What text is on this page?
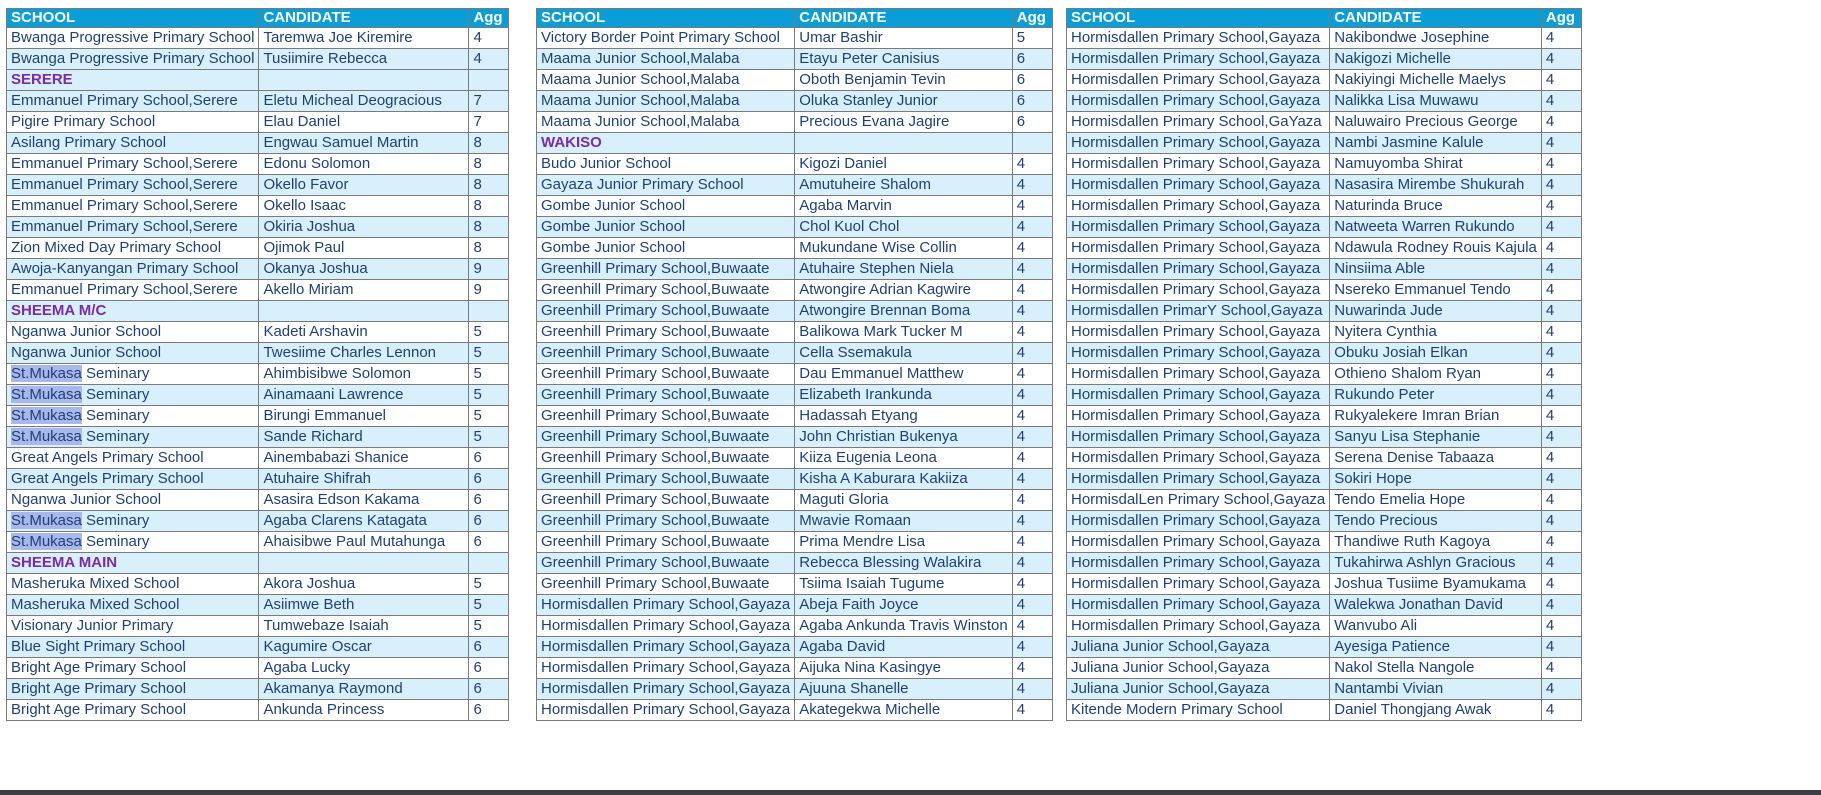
SCHOOL	CANDIDATE	Agg
Bwanga Progressive Primary School	Taremwa Joe Kiremire	4
Bwanga Progressive Primary School	Tusiimire Rebecca	4
SERERE		
Emmanuel Primary School,Serere	Eletu Micheal Deogracious	7
Pigire Primary School	Elau Daniel	7
Asilang Primary School	Engwau Samuel Martin	8
Emmanuel Primary School,Serere	Edonu Solomon	8
Emmanuel Primary School,Serere	Okello Favor	8
Emmanuel Primary School,Serere	Okello Isaac	8
Emmanuel Primary School,Serere	Okiria Joshua	8
Zion Mixed Day Primary School	Ojimok Paul	8
Awoja-Kanyangan Primary School	Okanya Joshua	9
Emmanuel Primary School,Serere	Akello Miriam	9
SHEEMA M/C		
Nganwa Junior School	Kadeti Arshavin	5
Nganwa Junior School	Twesiime Charles Lennon	5
St.Mukasa Seminary	Ahimbisibwe Solomon	5
St.Mukasa Seminary	Ainamaani Lawrence	5
St.Mukasa Seminary	Birungi Emmanuel	5
St.Mukasa Seminary	Sande Richard	5
Great Angels Primary School	Ainembabazi Shanice	6
Great Angels Primary School	Atuhaire Shifrah	6
Nganwa Junior School	Asasira Edson Kakama	6
St.Mukasa Seminary	Agaba Clarens Katagata	6
St.Mukasa Seminary	Ahaisibwe Paul Mutahunga	6
SHEEMA MAIN		
Masheruka Mixed School	Akora Joshua	5
Masheruka Mixed School	Asiimwe Beth	5
Visionary Junior Primary	Tumwebaze Isaiah	5
Blue Sight Primary School	Kagumire Oscar	6
Bright Age Primary School	Agaba Lucky	6
Bright Age Primary School	Akamanya Raymond	6
Bright Age Primary School	Ankunda Princess	6
SCHOOL	CANDIDATE	Agg
Victory Border Point Primary School	Umar Bashir	5
Maama Junior School,Malaba	Etayu Peter Canisius	6
Maama Junior School,Malaba	Oboth Benjamin Tevin	6
Maama Junior School,Malaba	Oluka Stanley Junior	6
Maama Junior School,Malaba	Precious Evana Jagire	6
WAKISO		
Budo Junior School	Kigozi Daniel	4
Gayaza Junior Primary School	Amutuheire Shalom	4
Gombe Junior School	Agaba Marvin	4
Gombe Junior School	Chol Kuol Chol	4
Gombe Junior School	Mukundane Wise Collin	4
Greenhill Primary School,Buwaate	Atuhaire Stephen Niela	4
Greenhill Primary School,Buwaate	Atwongire Adrian Kagwire	4
Greenhill Primary School,Buwaate	Atwongire Brennan Boma	4
Greenhill Primary School,Buwaate	Balikowa Mark Tucker M	4
Greenhill Primary School,Buwaate	Cella Ssemakula	4
Greenhill Primary School,Buwaate	Dau Emmanuel Matthew	4
Greenhill Primary School,Buwaate	Elizabeth Irankunda	4
Greenhill Primary School,Buwaate	Hadassah Etyang	4
Greenhill Primary School,Buwaate	John Christian Bukenya	4
Greenhill Primary School,Buwaate	Kiiza Eugenia Leona	4
Greenhill Primary School,Buwaate	Kisha A Kaburara Kakiiza	4
Greenhill Primary School,Buwaate	Maguti Gloria	4
Greenhill Primary School,Buwaate	Mwavie Romaan	4
Greenhill Primary School,Buwaate	Prima Mendre Lisa	4
Greenhill Primary School,Buwaate	Rebecca Blessing Walakira	4
Greenhill Primary School,Buwaate	Tsiima Isaiah Tugume	4
Hormisdallen Primary School,Gayaza	Abeja Faith Joyce	4
Hormisdallen Primary School,Gayaza	Agaba Ankunda Travis Winston	4
Hormisdallen Primary School,Gayaza	Agaba David	4
Hormisdallen Primary School,Gayaza	Aijuka Nina Kasingye	4
Hormisdallen Primary School,Gayaza	Ajuuna Shanelle	4
Hormisdallen Primary School,Gayaza	Akategekwa Michelle	4
SCHOOL	CANDIDATE	Agg
Hormisdallen Primary School,Gayaza	Nakibondwe Josephine	4
Hormisdallen Primary School,Gayaza	Nakigozi Michelle	4
Hormisdallen Primary School,Gayaza	Nakiyingi Michelle Maelys	4
Hormisdallen Primary School,Gayaza	Nalikka Lisa Muwawu	4
Hormisdallen Primary School,GaYaza	Naluwairo Precious George	4
Hormisdallen Primary School,Gayaza	Nambi Jasmine Kalule	4
Hormisdallen Primary School,Gayaza	Namuyomba Shirat	4
Hormisdallen Primary School,Gayaza	Nasasira Mirembe Shukurah	4
Hormisdallen Primary School,Gayaza	Naturinda Bruce	4
Hormisdallen Primary School,Gayaza	Natweeta Warren Rukundo	4
Hormisdallen Primary School,Gayaza	Ndawula Rodney Rouis Kajula	4
Hormisdallen Primary School,Gayaza	Ninsiima Able	4
Hormisdallen Primary School,Gayaza	Nsereko Emmanuel Tendo	4
Hormisdallen PrimarY School,Gayaza	Nuwarinda Jude	4
Hormisdallen Primary School,Gayaza	Nyitera Cynthia	4
Hormisdallen Primary School,Gayaza	Obuku Josiah Elkan	4
Hormisdallen Primary School,Gayaza	Othieno Shalom Ryan	4
Hormisdallen Primary School,Gayaza	Rukundo Peter	4
Hormisdallen Primary School,Gayaza	Rukyalekere Imran Brian	4
Hormisdallen Primary School,Gayaza	Sanyu Lisa Stephanie	4
Hormisdallen Primary School,Gayaza	Serena Denise Tabaaza	4
Hormisdallen Primary School,Gayaza	Sokiri Hope	4
HormisdalLen Primary School,Gayaza	Tendo Emelia Hope	4
Hormisdallen Primary School,Gayaza	Tendo Precious	4
Hormisdallen Primary School,Gayaza	Thandiwe Ruth Kagoya	4
Hormisdallen Primary School,Gayaza	Tukahirwa Ashlyn Gracious	4
Hormisdallen Primary School,Gayaza	Joshua Tusiime Byamukama	4
Hormisdallen Primary School,Gayaza	Walekwa Jonathan David	4
Hormisdallen Primary School,Gayaza	Wanvubo Ali	4
Juliana Junior School,Gayaza	Ayesiga Patience	4
Juliana Junior School,Gayaza	Nakol Stella Nangole	4
Juliana Junior School,Gayaza	Nantambi Vivian	4
Kitende Modern Primary School	Daniel Thongjang Awak	4
